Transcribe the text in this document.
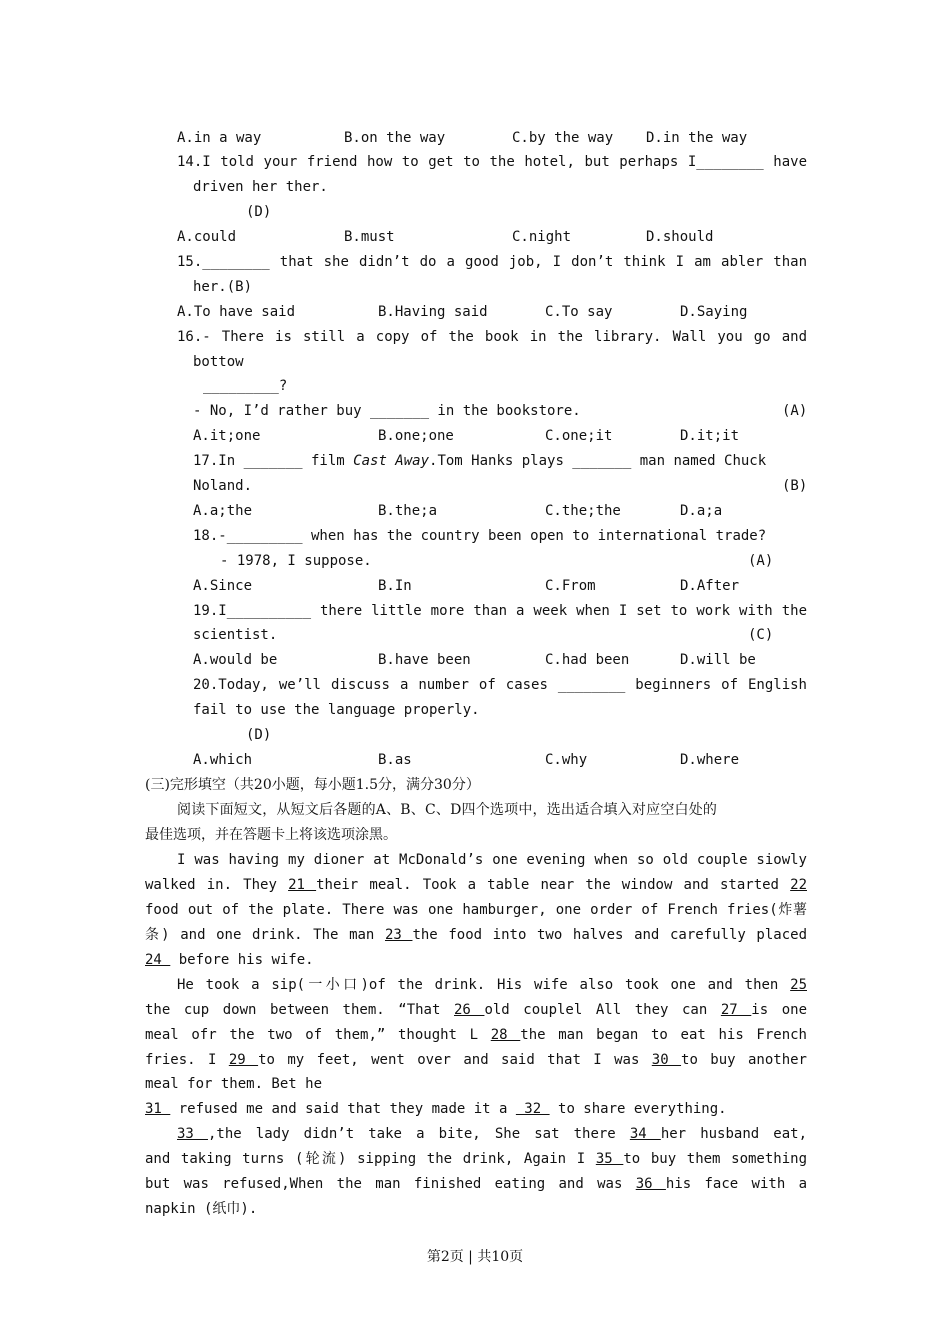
A.in a way	B.on the way	C.by the way D.in the way
14.I told your friend how to get to the hotel, but perhaps I________ have
driven her ther.
(D)
A.could	B.must	C.night	D.should
15.________ that she didn’t do a good job, I don’t think I am abler than
her.(B)
A.To have said	B.Having said	C.To say	D.Saying
16.- There is still a copy of the book in the library. Wall you go and
bottow
_________?
- No, I’d rather buy _______ in the bookstore.	(A)
A.it;one	B.one;one	C.one;it	D.it;it
17.In _______ film Cast Away.Tom Hanks plays _______ man named Chuck
Noland.	(B)
A.a;the	B.the;a	C.the;the	D.a;a
18.-_________ when has the country been open to international trade?
- 1978, I suppose.	(A)
A.Since	B.In	C.From	D.After
19.I__________ there little more than a week when I set to work with the
scientist.	(C)
A.would be	B.have been	C.had been	D.will be
20.Today, we’ll discuss a number of cases ________ beginners of English
fail to use the language properly.
(D)
A.which	B.as	C.why	D.where
(三)完形填空（共20小题，每小题1.5分，满分30分）
阅读下面短文，从短文后各题的A、B、C、D四个选项中，选出适合填入对应空白处的
最佳选项，并在答题卡上将该选项涂黑。
I was having my dioner at McDonald’s one evening when so old couple siowly
walked in. They 21 their meal. Took a table near the window and started 22
food out of the plate. There was one hamburger, one order of French fries(炸薯
条) and one drink. The man 23 the food into two halves and carefully placed
24  before his wife.
He took a sip(一小口)of the drink. His wife also took one and then 25
the cup down between them. “That 26 old couplel All they can 27 is one
meal ofr the two of them,” thought L 28 the man began to eat his French
fries. I 29 to my feet, went over and said that I was 30 to buy another
meal for them. Bet he
31  refused me and said that they made it a  32  to share everything.
33 ,the lady didn’t take a bite, She sat there 34 her husband eat,
and taking turns (轮流) sipping the drink, Again I 35 to buy them something
but was refused,When the man finished eating and was 36 his face with a
napkin (纸巾).
第2页 | 共10页
